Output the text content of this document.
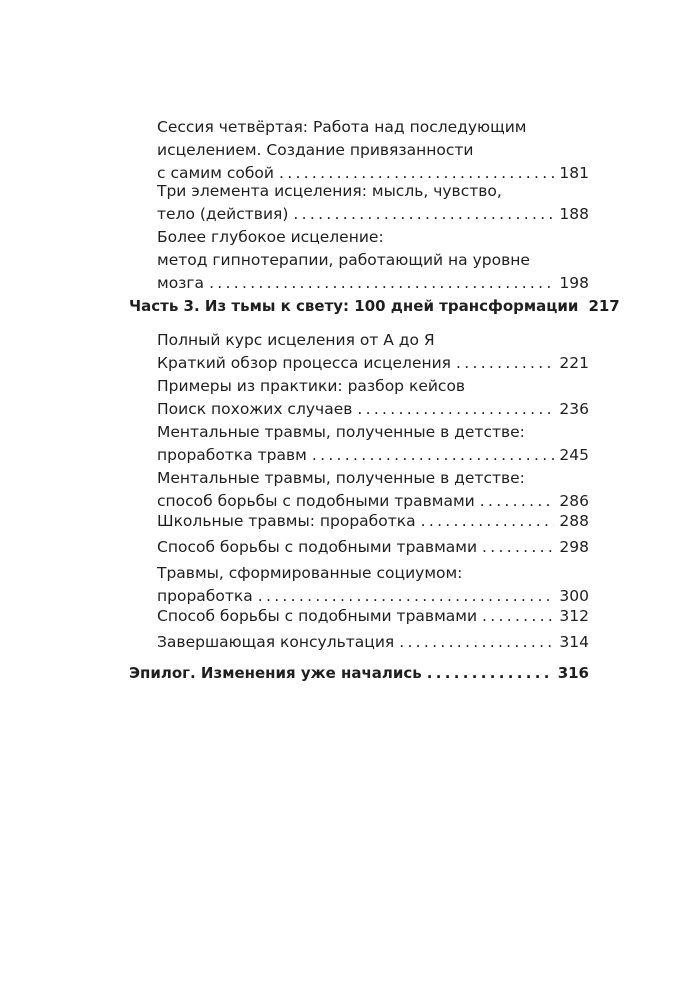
Сессия четвёртая: Работа над последующим
исцелением. Создание привязанности
с самим собой .....	181
Три элемента исцеления: мысль, чувство,
тело (действия) .....	188
Более глубокое исцеление:
метод гипнотерапии, работающий на уровне
мозга .....	198
Часть 3. Из тьмы к свету: 100 дней трансформации 217
Полный курс исцеления от А до Я
Краткий обзор процесса исцеления .....	221
Примеры из практики: разбор кейсов
Поиск похожих случаев .....	236
Ментальные травмы, полученные в детстве:
проработка травм .....	245
Ментальные травмы, полученные в детстве:
способ борьбы с подобными травмами .....	286
Школьные травмы: проработка .....	288
Способ борьбы с подобными травмами .....	298
Травмы, сформированные социумом:
проработка .....	300
Способ борьбы с подобными травмами .....	312
Завершающая консультация .....	314
Эпилог. Изменения уже начались .....	316
